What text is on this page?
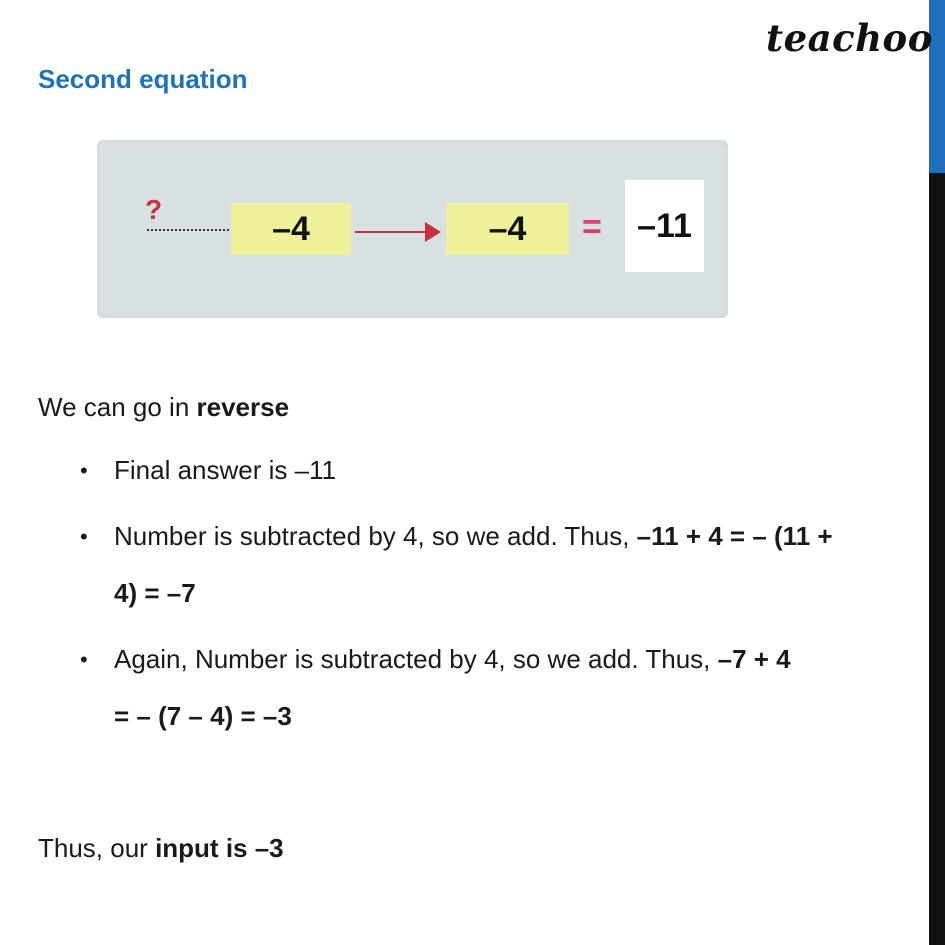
teachoo
Second equation
?	–4	–4	=	–11
We can go in reverse
• Final answer is –11
• Number is subtracted by 4, so we add. Thus, –11 + 4 = – (11 +
4) = –7
• Again, Number is subtracted by 4, so we add. Thus, –7 + 4
= – (7 – 4) = –3
Thus, our input is –3
